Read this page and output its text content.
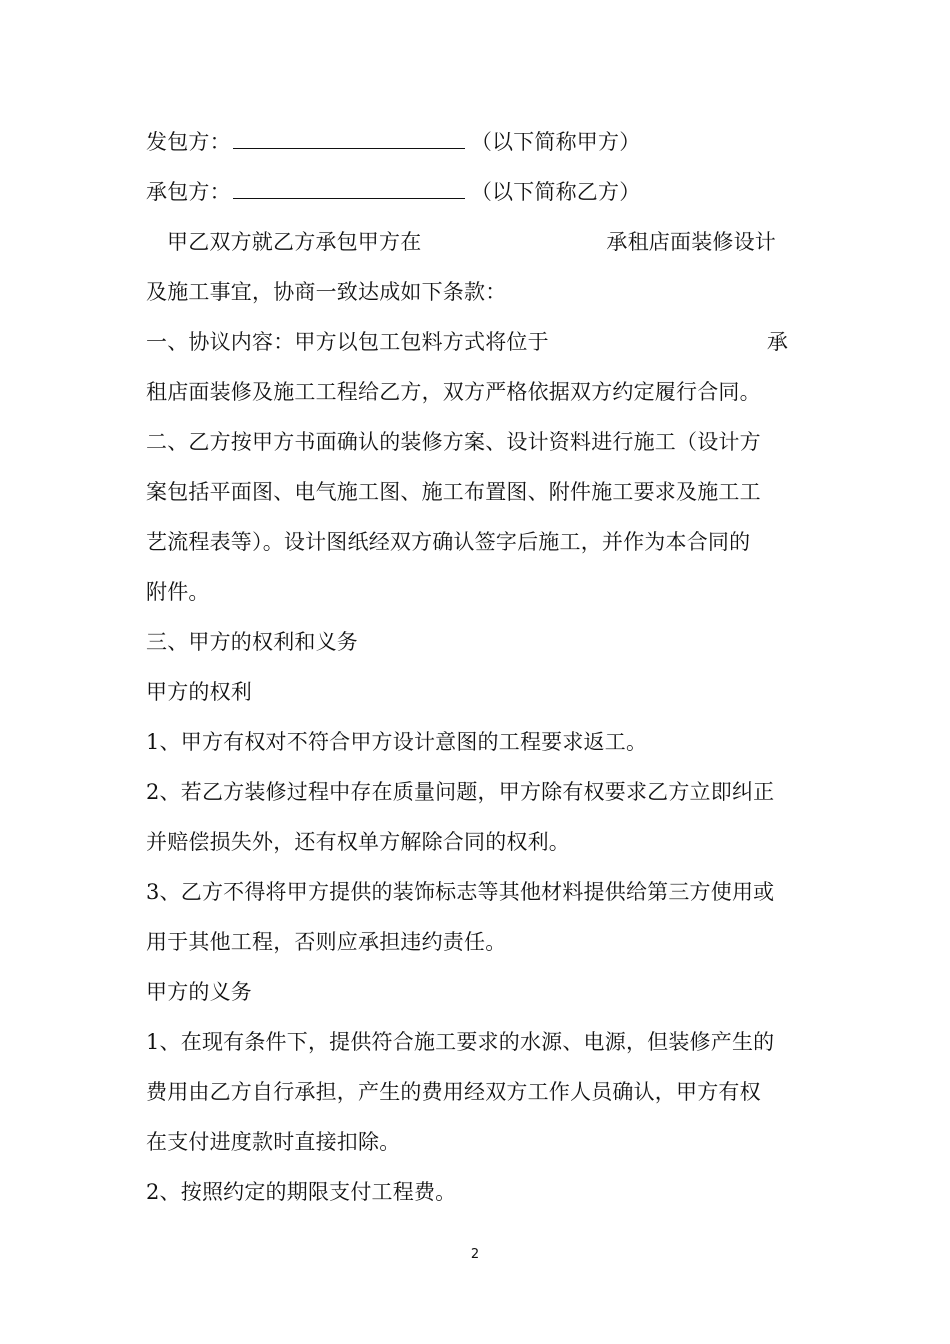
发包方：	（以下简称甲方）
承包方：	（以下简称乙方）
甲乙双方就乙方承包甲方在	承租店面装修设计
及施工事宜，协商一致达成如下条款：
一、协议内容：甲方以包工包料方式将位于	承
租店面装修及施工工程给乙方，双方严格依据双方约定履行合同。
二、乙方按甲方书面确认的装修方案、设计资料进行施工（设计方
案包括平面图、电气施工图、施工布置图、附件施工要求及施工工
艺流程表等）。设计图纸经双方确认签字后施工，并作为本合同的
附件。
三、甲方的权利和义务
甲方的权利
1、甲方有权对不符合甲方设计意图的工程要求返工。
2、若乙方装修过程中存在质量问题，甲方除有权要求乙方立即纠正
并赔偿损失外，还有权单方解除合同的权利。
3、乙方不得将甲方提供的装饰标志等其他材料提供给第三方使用或
用于其他工程，否则应承担违约责任。
甲方的义务
1、在现有条件下，提供符合施工要求的水源、电源，但装修产生的
费用由乙方自行承担，产生的费用经双方工作人员确认，甲方有权
在支付进度款时直接扣除。
2、按照约定的期限支付工程费。
2
